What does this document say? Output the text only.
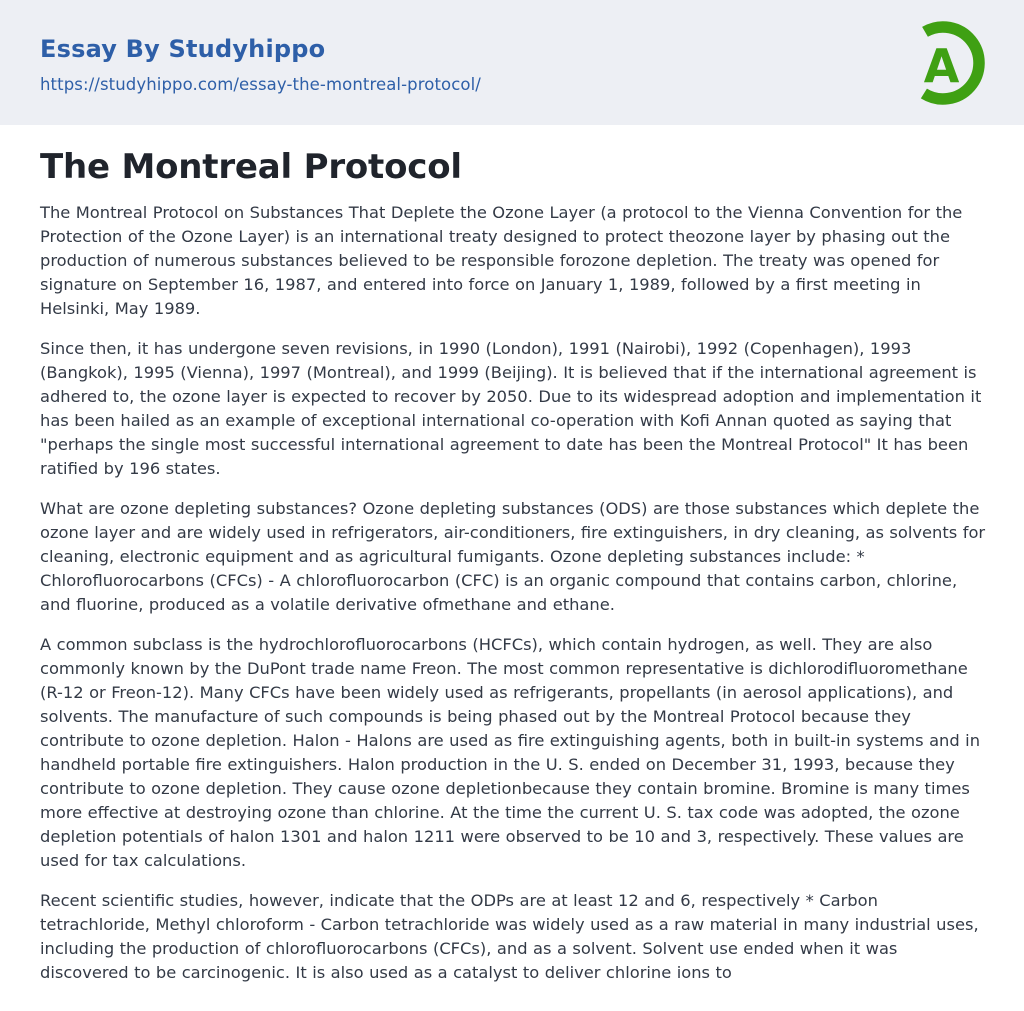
Essay By Studyhippo
https://studyhippo.com/essay-the-montreal-protocol/	A
The Montreal Protocol

The Montreal Protocol on Substances That Deplete the Ozone Layer (a protocol to the Vienna Convention for the Protection of the Ozone Layer) is an international treaty designed to protect theozone layer by phasing out the production of numerous substances believed to be responsible forozone depletion. The treaty was opened for signature on September 16, 1987, and entered into force on January 1, 1989, followed by a first meeting in Helsinki, May 1989.

Since then, it has undergone seven revisions, in 1990 (London), 1991 (Nairobi), 1992 (Copenhagen), 1993 (Bangkok), 1995 (Vienna), 1997 (Montreal), and 1999 (Beijing). It is believed that if the international agreement is adhered to, the ozone layer is expected to recover by 2050. Due to its widespread adoption and implementation it has been hailed as an example of exceptional international co-operation with Kofi Annan quoted as saying that "perhaps the single most successful international agreement to date has been the Montreal Protocol" It has been ratified by 196 states.

What are ozone depleting substances? Ozone depleting substances (ODS) are those substances which deplete the ozone layer and are widely used in refrigerators, air-conditioners, fire extinguishers, in dry cleaning, as solvents for cleaning, electronic equipment and as agricultural fumigants. Ozone depleting substances include: * Chlorofluorocarbons (CFCs) - A chlorofluorocarbon (CFC) is an organic compound that contains carbon, chlorine, and fluorine, produced as a volatile derivative ofmethane and ethane.

A common subclass is the hydrochlorofluorocarbons (HCFCs), which contain hydrogen, as well. They are also commonly known by the DuPont trade name Freon. The most common representative is dichlorodifluoromethane (R-12 or Freon-12). Many CFCs have been widely used as refrigerants, propellants (in aerosol applications), and solvents. The manufacture of such compounds is being phased out by the Montreal Protocol because they contribute to ozone depletion. Halon - Halons are used as fire extinguishing agents, both in built-in systems and in handheld portable fire extinguishers. Halon production in the U. S. ended on December 31, 1993, because they contribute to ozone depletion. They cause ozone depletionbecause they contain bromine. Bromine is many times more effective at destroying ozone than chlorine. At the time the current U. S. tax code was adopted, the ozone depletion potentials of halon 1301 and halon 1211 were observed to be 10 and 3, respectively. These values are used for tax calculations.

Recent scientific studies, however, indicate that the ODPs are at least 12 and 6, respectively * Carbon tetrachloride, Methyl chloroform - Carbon tetrachloride was widely used as a raw material in many industrial uses, including the production of chlorofluorocarbons (CFCs), and as a solvent. Solvent use ended when it was discovered to be carcinogenic. It is also used as a catalyst to deliver chlorine ions to
